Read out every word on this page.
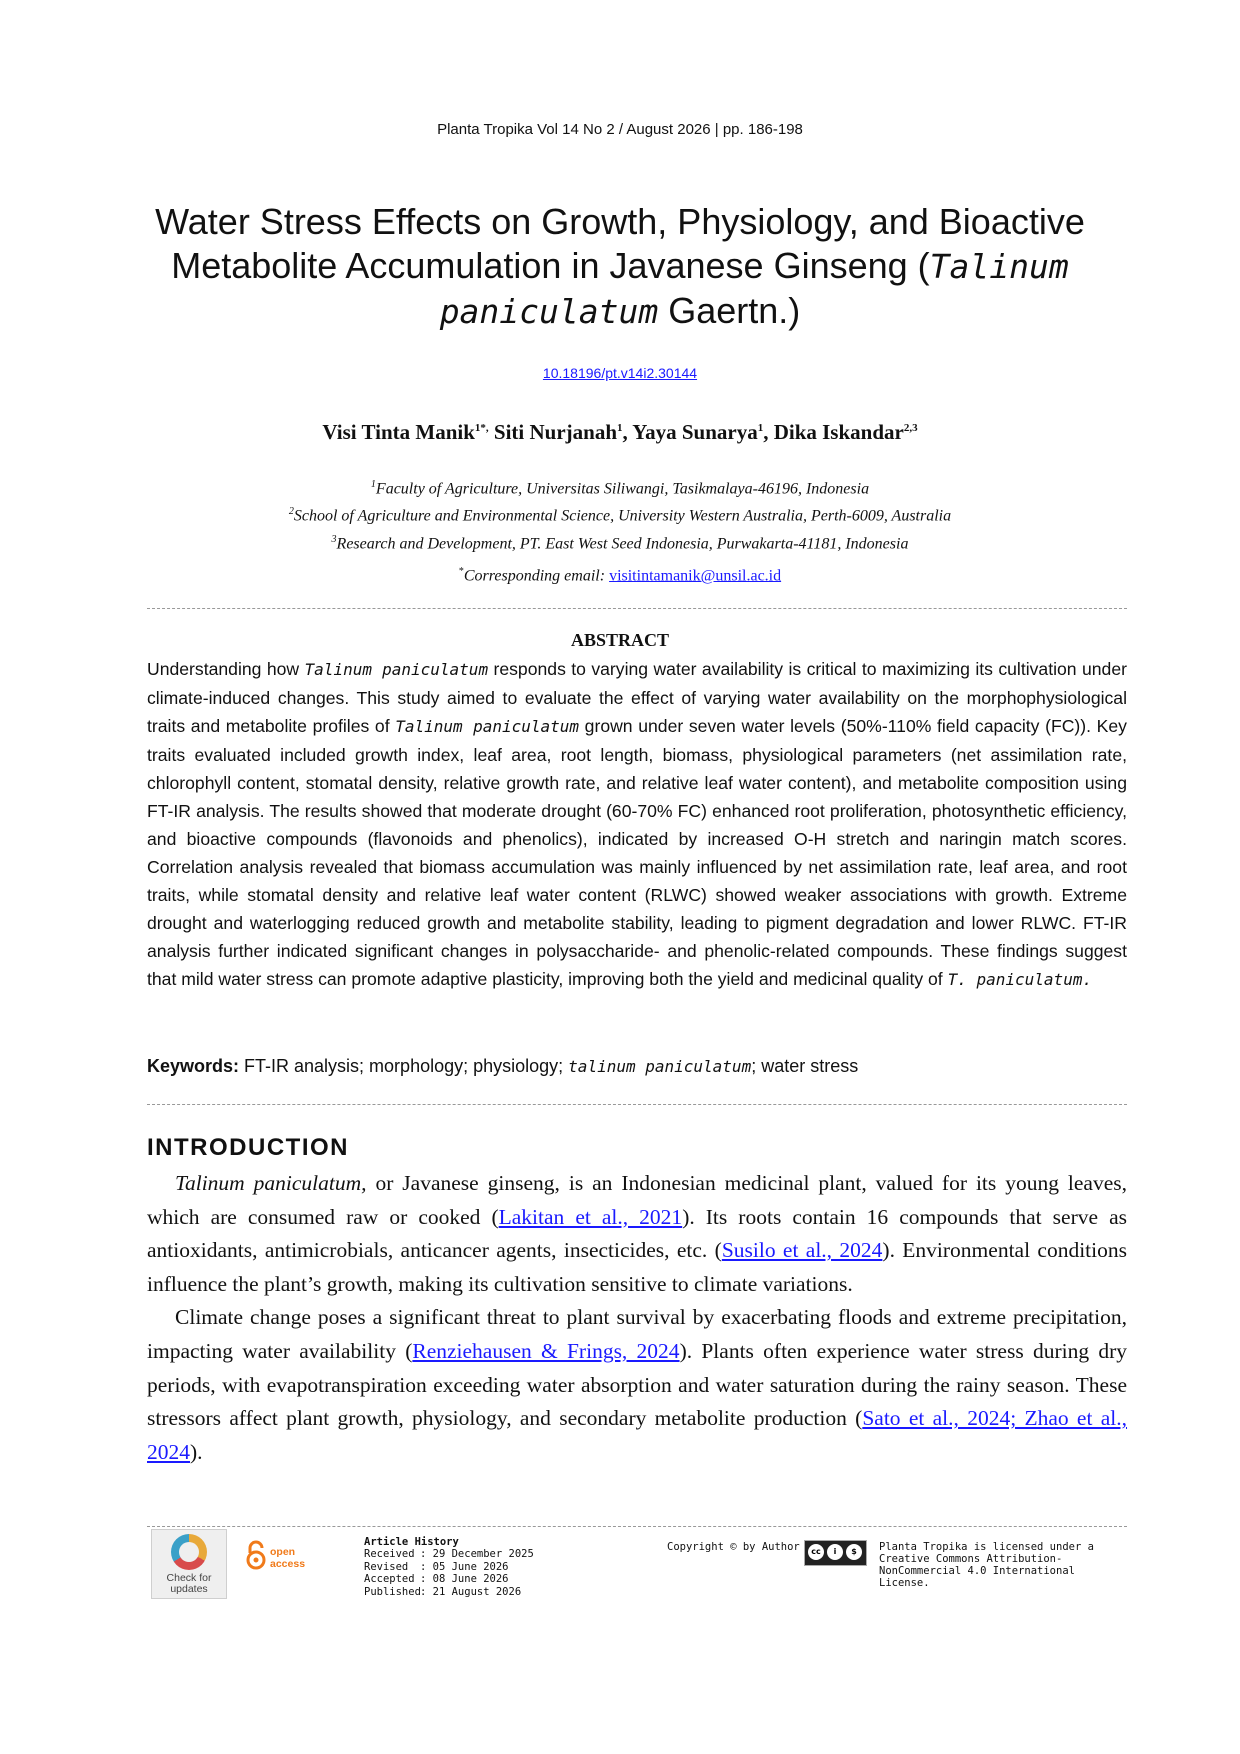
Planta Tropika Vol 14 No 2 / August 2026 | pp. 186-198
Water Stress Effects on Growth, Physiology, and Bioactive Metabolite Accumulation in Javanese Ginseng (Talinum paniculatum Gaertn.)
10.18196/pt.v14i2.30144
Visi Tinta Manik$^{1*,}$ Siti Nurjanah$^1$, Yaya Sunarya$^1$, Dika Iskandar$^{2,3}$
$^1$Faculty of Agriculture, Universitas Siliwangi, Tasikmalaya-46196, Indonesia
$^2$School of Agriculture and Environmental Science, University Western Australia, Perth-6009, Australia
$^3$Research and Development, PT. East West Seed Indonesia, Purwakarta-41181, Indonesia
*Corresponding email: visitintamanik@unsil.ac.id
ABSTRACT
Understanding how Talinum paniculatum responds to varying water availability is critical to maximizing its cultivation under climate-induced changes. This study aimed to evaluate the effect of varying water availability on the morphophysiological traits and metabolite profiles of Talinum paniculatum grown under seven water levels (50%-110% field capacity (FC)). Key traits evaluated included growth index, leaf area, root length, biomass, physiological parameters (net assimilation rate, chlorophyll content, stomatal density, relative growth rate, and relative leaf water content), and metabolite composition using FT-IR analysis. The results showed that moderate drought (60-70% FC) enhanced root proliferation, photosynthetic efficiency, and bioactive compounds (flavonoids and phenolics), indicated by increased O-H stretch and naringin match scores. Correlation analysis revealed that biomass accumulation was mainly influenced by net assimilation rate, leaf area, and root traits, while stomatal density and relative leaf water content (RLWC) showed weaker associations with growth. Extreme drought and waterlogging reduced growth and metabolite stability, leading to pigment degradation and lower RLWC. FT-IR analysis further indicated significant changes in polysaccharide- and phenolic-related compounds. These findings suggest that mild water stress can promote adaptive plasticity, improving both the yield and medicinal quality of T. paniculatum.
Keywords: FT-IR analysis; morphology; physiology; talinum paniculatum; water stress
INTRODUCTION

Talinum paniculatum, or Javanese ginseng, is an Indonesian medicinal plant, valued for its young leaves, which are consumed raw or cooked (Lakitan et al., 2021). Its roots contain 16 compounds that serve as antioxidants, antimicrobials, anticancer agents, insecticides, etc. (Susilo et al., 2024). Environmental conditions influence the plant’s growth, making its cultivation sensitive to climate variations.

Climate change poses a significant threat to plant survival by exacerbating floods and extreme precipitation, impacting water availability (Renziehausen & Frings, 2024). Plants often experience water stress during dry periods, with evapotranspiration exceeding water absorption and water saturation during the rainy season. These stressors affect plant growth, physiology, and secondary metabolite production (Sato et al., 2024; Zhao et al., 2024).

Check for updates
open
access
Article History
Received : 29 December 2025
Revised : 05 June 2026
Accepted : 08 June 2026
Published: 21 August 2026
Copyright © by Author	cc	i	$	Planta Tropika is licensed under a Creative Commons Attribution-NonCommercial 4.0 International License.
